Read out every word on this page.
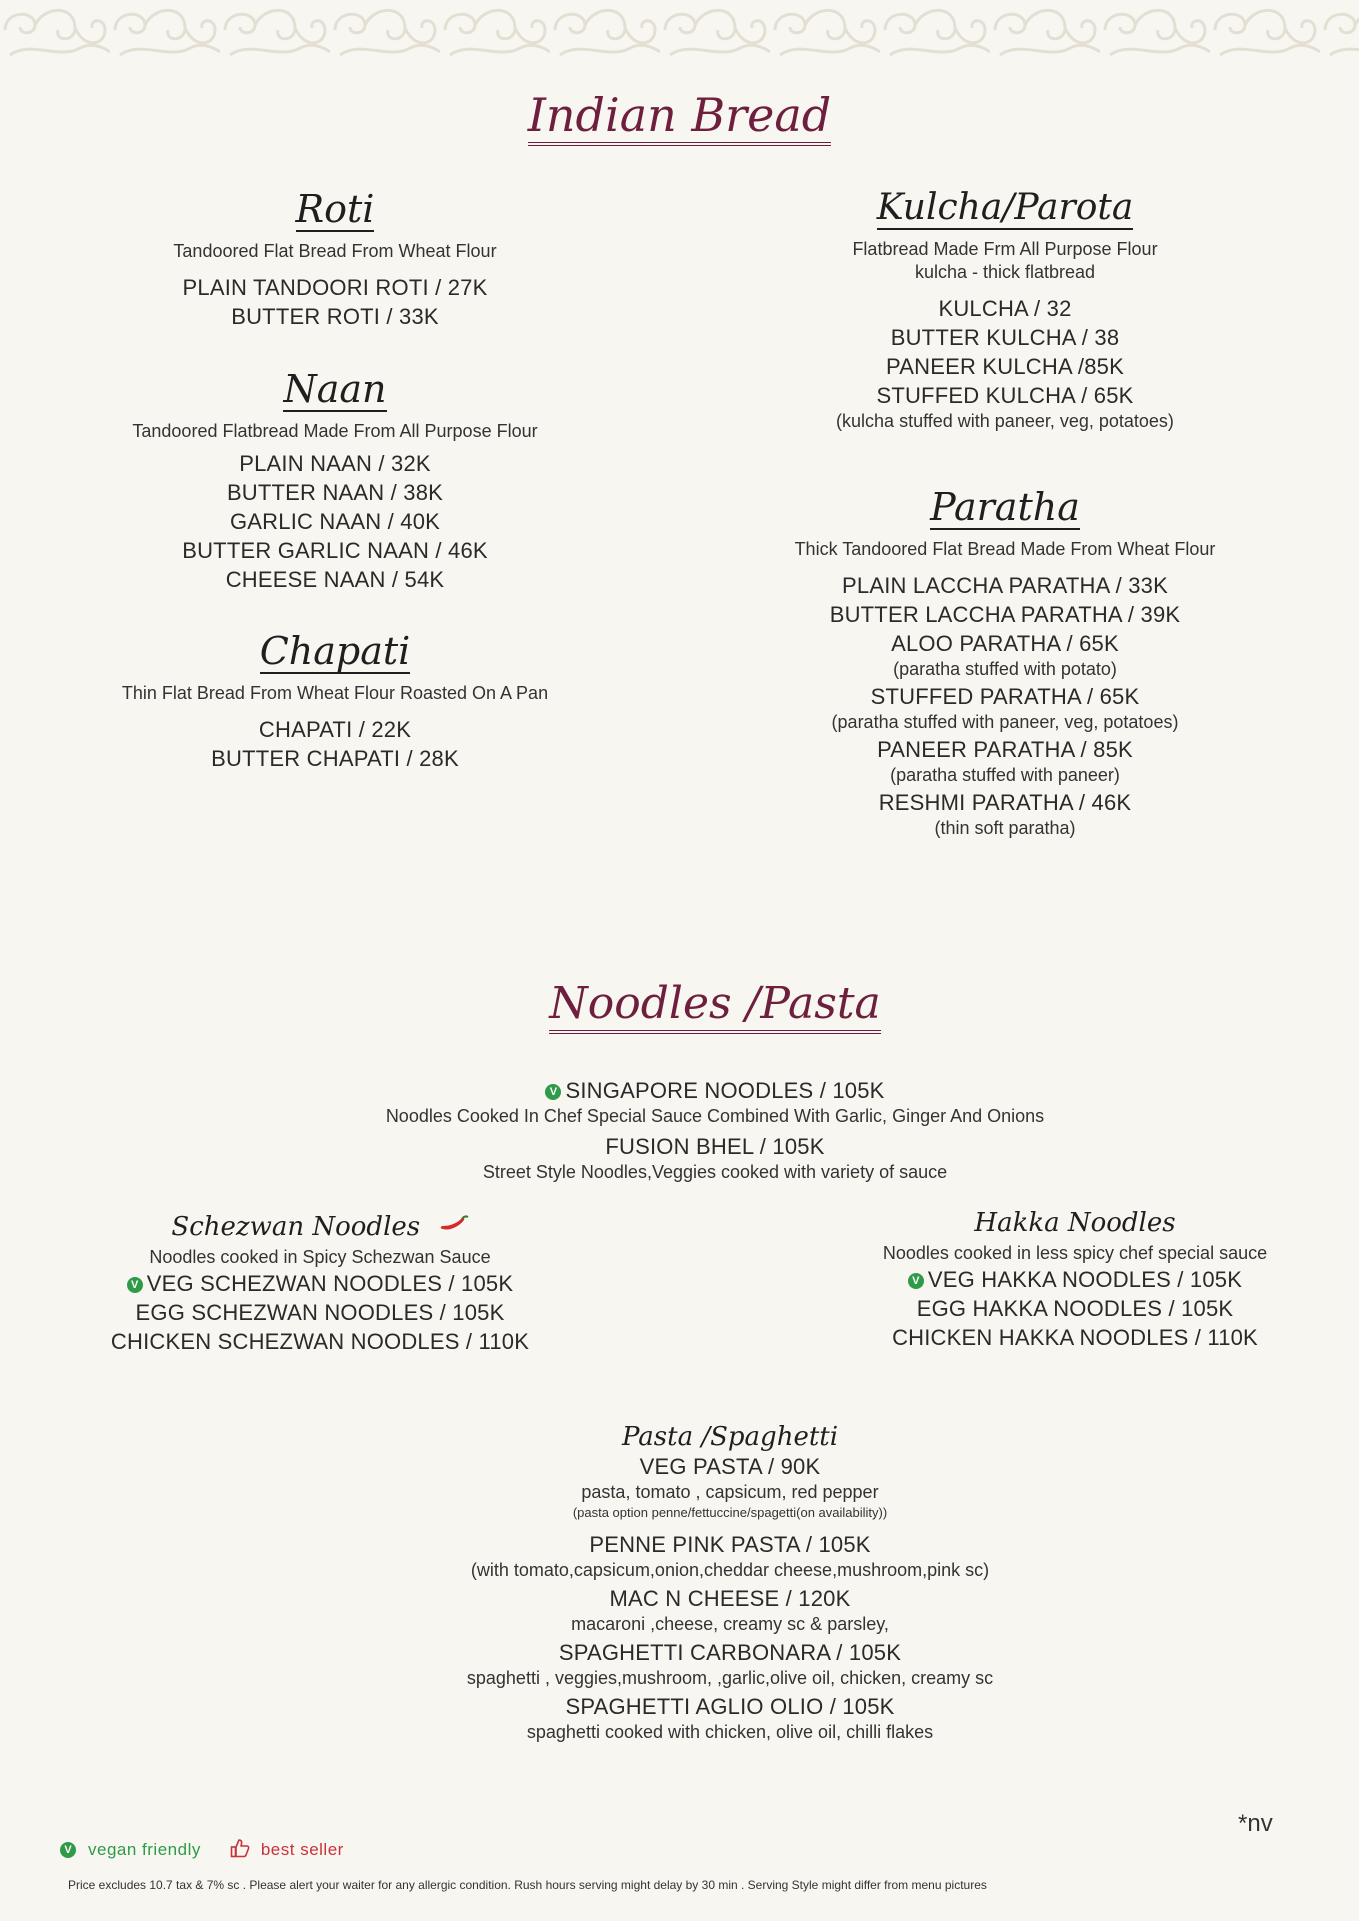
Indian Bread
Roti
Tandoored Flat Bread From Wheat Flour
PLAIN TANDOORI ROTI / 27K
BUTTER ROTI / 33K
Naan
Tandoored Flatbread Made From All Purpose Flour
PLAIN NAAN / 32K
BUTTER NAAN / 38K
GARLIC NAAN / 40K
BUTTER GARLIC NAAN / 46K
CHEESE NAAN / 54K
Chapati
Thin Flat Bread From Wheat Flour Roasted On A Pan
CHAPATI / 22K
BUTTER CHAPATI / 28K
Kulcha/Parota
Flatbread Made Frm All Purpose Flour
kulcha - thick flatbread
KULCHA / 32
BUTTER KULCHA / 38
PANEER KULCHA /85K
STUFFED KULCHA / 65K
(kulcha stuffed with paneer, veg, potatoes)
Paratha
Thick Tandoored Flat Bread Made From Wheat Flour
PLAIN LACCHA PARATHA / 33K
BUTTER LACCHA PARATHA / 39K
ALOO PARATHA / 65K
(paratha stuffed with potato)
STUFFED PARATHA / 65K
(paratha stuffed with paneer, veg, potatoes)
PANEER PARATHA / 85K
(paratha stuffed with paneer)
RESHMI PARATHA / 46K
(thin soft paratha)
Noodles /Pasta
V SINGAPORE NOODLES / 105K
Noodles Cooked In Chef Special Sauce Combined With Garlic, Ginger And Onions
FUSION BHEL / 105K
Street Style Noodles,Veggies cooked with variety of sauce
Schezwan Noodles
Noodles cooked in Spicy Schezwan Sauce
V VEG SCHEZWAN NOODLES / 105K
EGG SCHEZWAN NOODLES / 105K
CHICKEN SCHEZWAN NOODLES / 110K
Hakka Noodles
Noodles cooked in less spicy chef special sauce
V VEG HAKKA NOODLES / 105K
EGG HAKKA NOODLES / 105K
CHICKEN HAKKA NOODLES / 110K
Pasta /Spaghetti
VEG PASTA / 90K
pasta, tomato , capsicum, red pepper
(pasta option penne/fettuccine/spagetti(on availability))
PENNE PINK PASTA / 105K
(with tomato,capsicum,onion,cheddar cheese,mushroom,pink sc)
MAC N CHEESE / 120K
macaroni ,cheese, creamy sc & parsley,
SPAGHETTI CARBONARA / 105K
spaghetti , veggies,mushroom, ,garlic,olive oil, chicken, creamy sc
SPAGHETTI AGLIO OLIO / 105K
spaghetti cooked with chicken, olive oil, chilli flakes
*nv
V vegan friendly	best seller
Price excludes 10.7 tax & 7% sc . Please alert your waiter for any allergic condition. Rush hours serving might delay by 30 min . Serving Style might differ from menu pictures
